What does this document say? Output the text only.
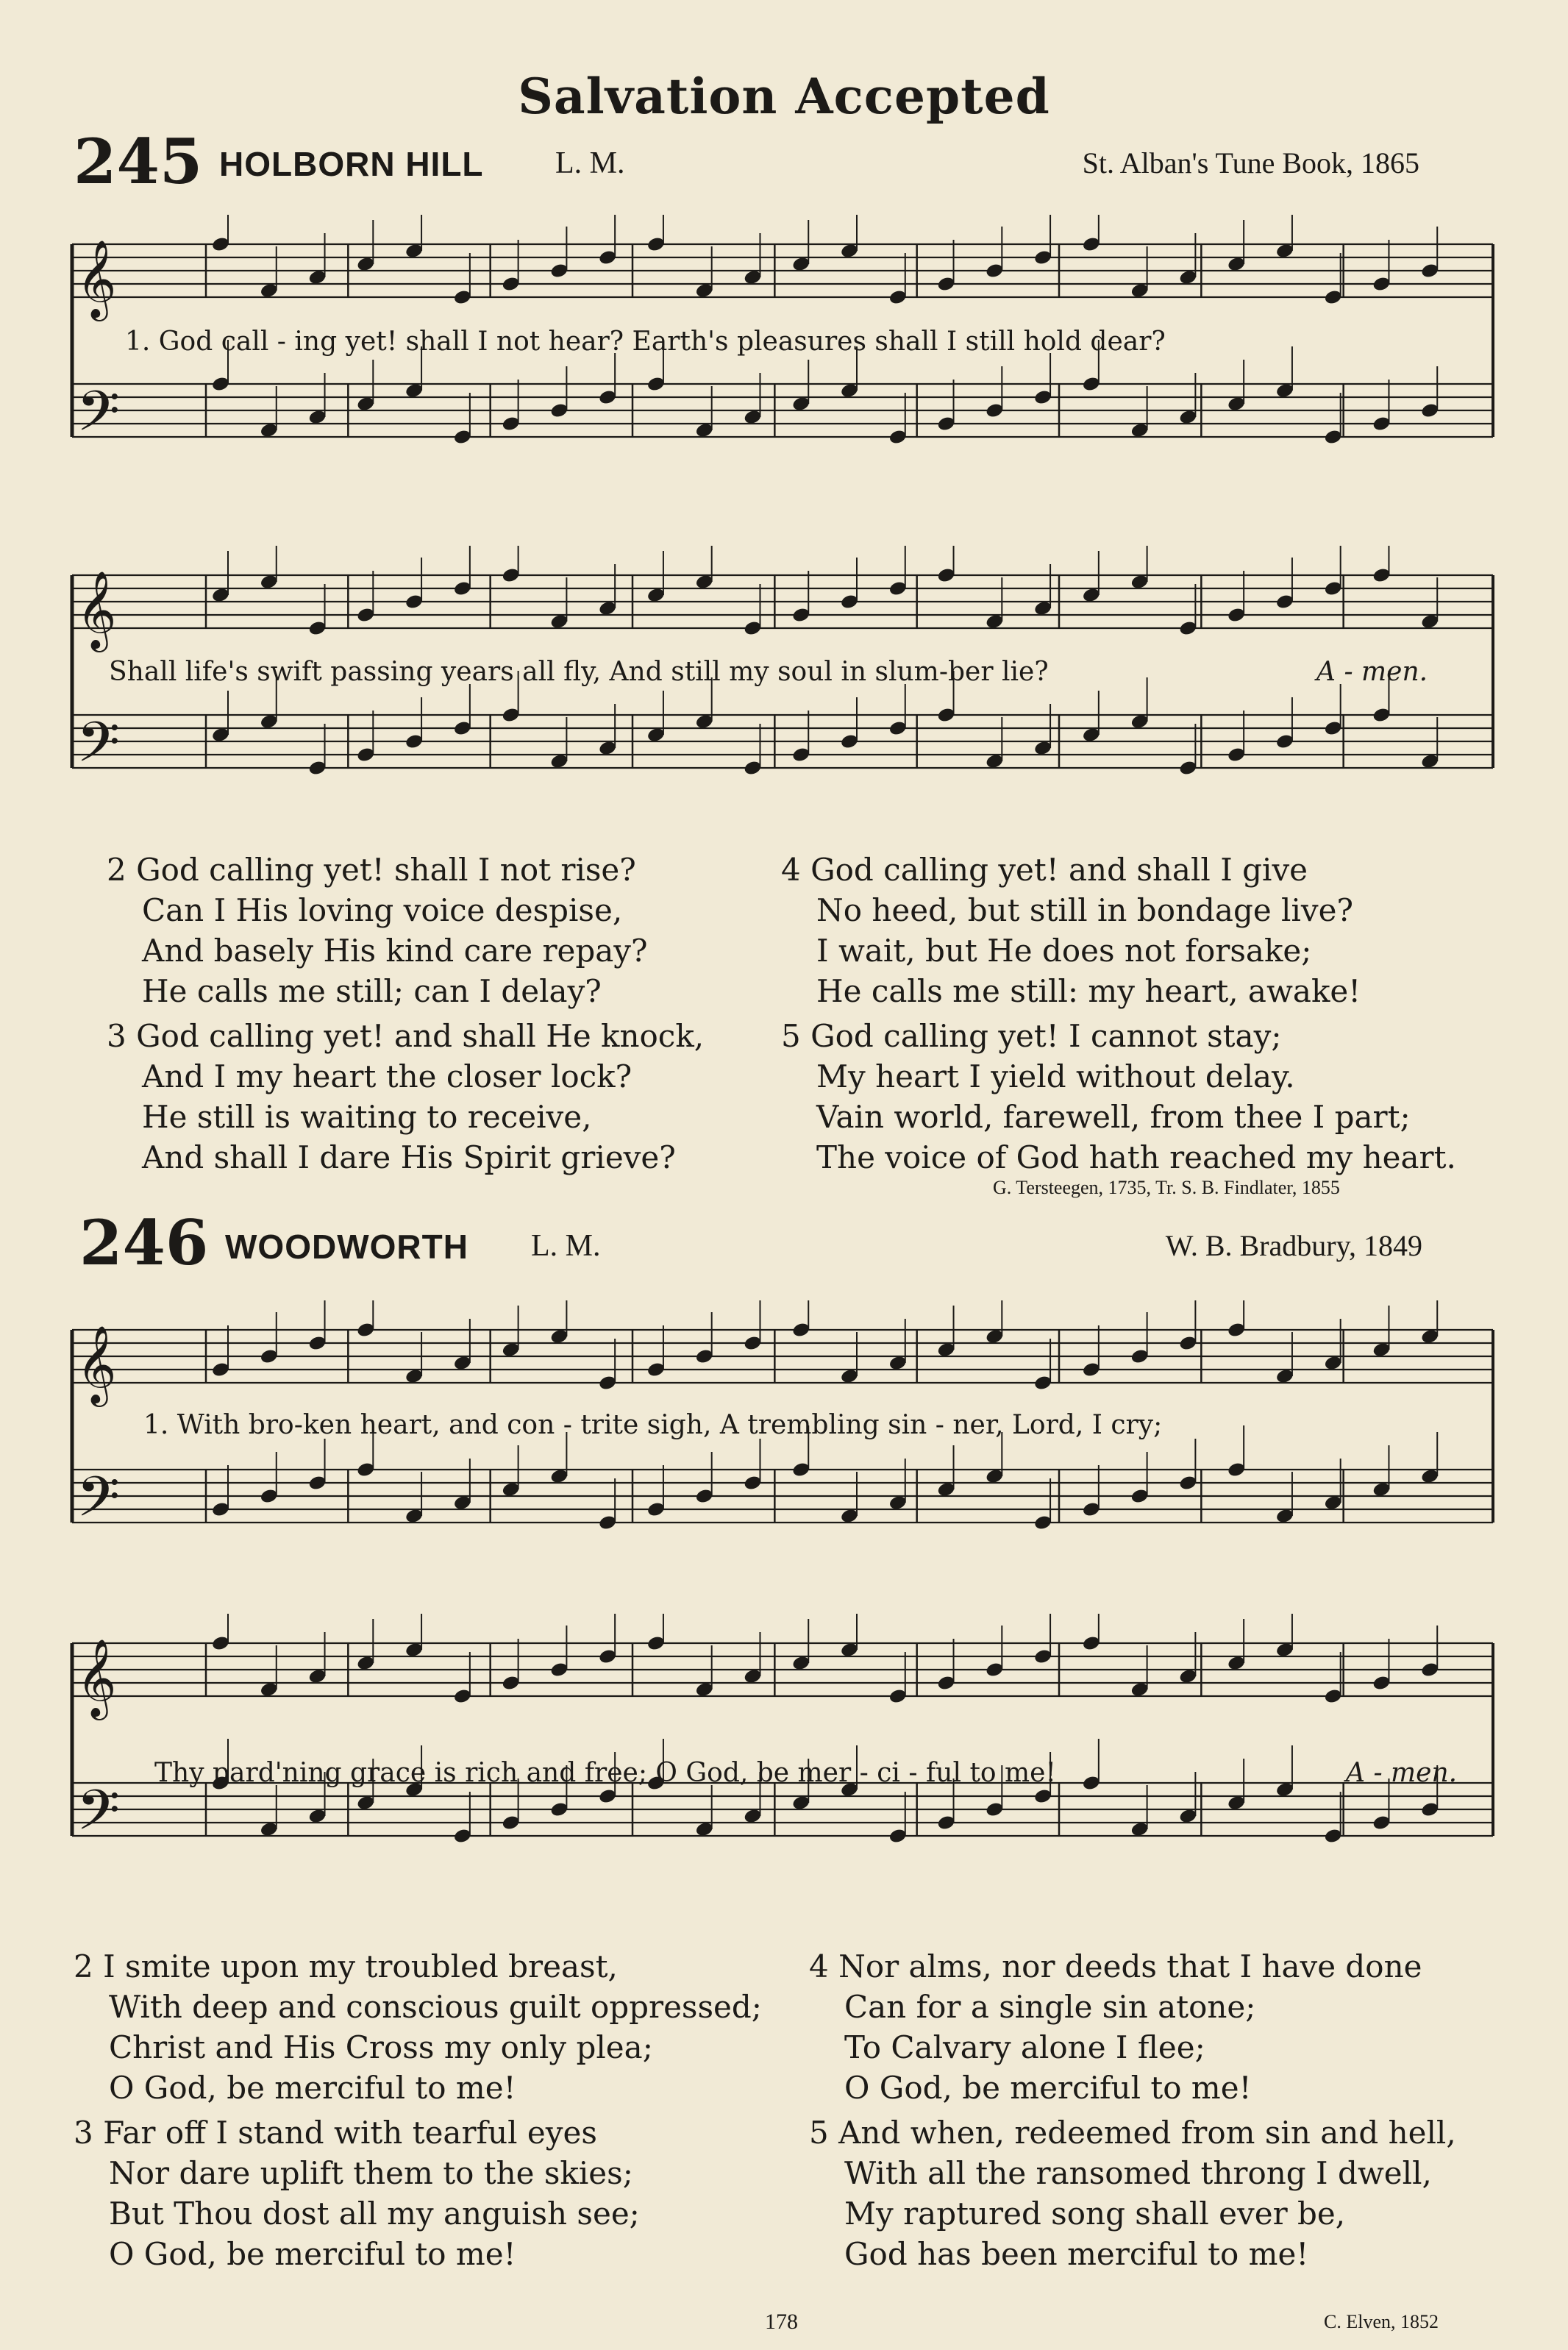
Salvation Accepted
245 HOLBORN HILL L. M.	St. Alban's Tune Book, 1865
𝄞
𝄢
1. God call - ing yet! shall I not hear? Earth's pleasures shall I still hold dear?
𝄞
𝄢
Shall life's swift passing years all fly, And still my soul in slum-ber lie?	A - men.
2 God calling yet! shall I not rise?
Can I His loving voice despise,
And basely His kind care repay?
He calls me still; can I delay?
3 God calling yet! and shall He knock,
And I my heart the closer lock?
He still is waiting to receive,
And shall I dare His Spirit grieve?
4 God calling yet! and shall I give
No heed, but still in bondage live?
I wait, but He does not forsake;
He calls me still: my heart, awake!
5 God calling yet! I cannot stay;
My heart I yield without delay.
Vain world, farewell, from thee I part;
The voice of God hath reached my heart.
G. Tersteegen, 1735, Tr. S. B. Findlater, 1855
246 WOODWORTH L. M.	W. B. Bradbury, 1849
𝄞
𝄢
1. With bro-ken heart, and con - trite sigh, A trembling sin - ner, Lord, I cry;
𝄞
𝄢
Thy pard'ning grace is rich and free; O God, be mer - ci - ful to me!	A - men.
2 I smite upon my troubled breast,
With deep and conscious guilt oppressed;
Christ and His Cross my only plea;
O God, be merciful to me!
3 Far off I stand with tearful eyes
Nor dare uplift them to the skies;
But Thou dost all my anguish see;
O God, be merciful to me!
4 Nor alms, nor deeds that I have done
Can for a single sin atone;
To Calvary alone I flee;
O God, be merciful to me!
5 And when, redeemed from sin and hell,
With all the ransomed throng I dwell,
My raptured song shall ever be,
God has been merciful to me!
178	C. Elven, 1852
